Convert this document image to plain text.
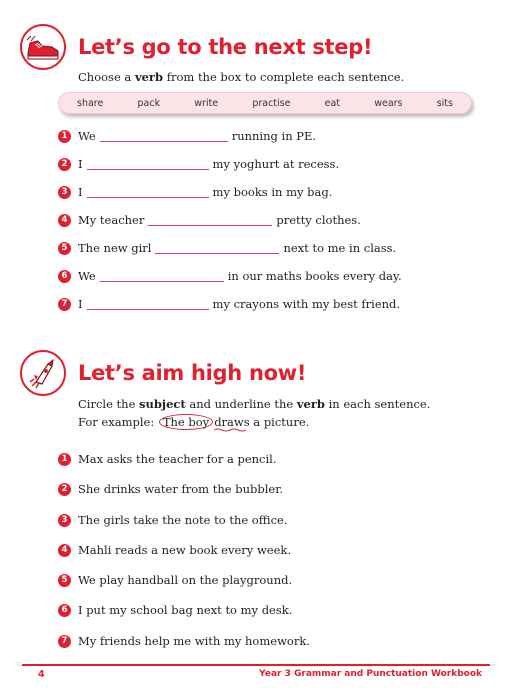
Let’s go to the next step!
Choose a verb from the box to complete each sentence.
share	pack	write	practise	eat	wears	sits
1 We	running in PE.
2 I	my yoghurt at recess.
3 I	my books in my bag.
4 My teacher	pretty clothes.
5 The new girl	next to me in class.
6 We	in our maths books every day.
7 I	my crayons with my best friend.
Let’s aim high now!
Circle the subject and underline the verb in each sentence.
For example: The boy draws
a picture.
1 Max asks the teacher for a pencil.
2 She drinks water from the bubbler.
3 The girls take the note to the office.
4 Mahli reads a new book every week.
5 We play handball on the playground.
6 I put my school bag next to my desk.
7 My friends help me with my homework.
4	Year 3 Grammar and Punctuation Workbook
